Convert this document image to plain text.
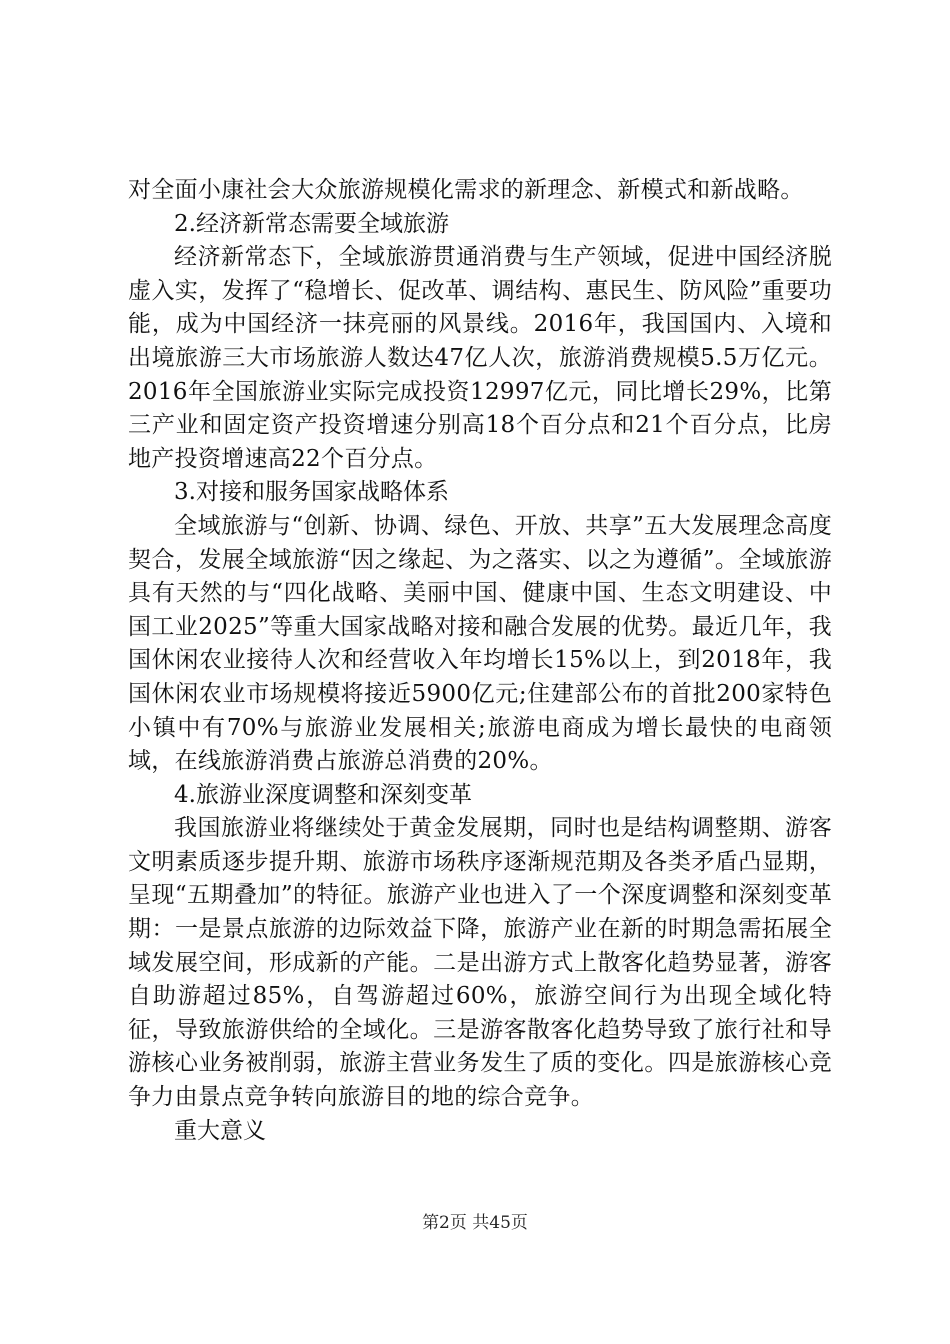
对全面小康社会大众旅游规模化需求的新理念、新模式和新战略。

2.经济新常态需要全域旅游

经济新常态下，全域旅游贯通消费与生产领域，促进中国经济脱虚入实，发挥了“稳增长、促改革、调结构、惠民生、防风险”重要功能，成为中国经济一抹亮丽的风景线。2016年，我国国内、入境和出境旅游三大市场旅游人数达47亿人次，旅游消费规模5.5万亿元。2016年全国旅游业实际完成投资12997亿元，同比增长29%，比第三产业和固定资产投资增速分别高18个百分点和21个百分点，比房地产投资增速高22个百分点。

3.对接和服务国家战略体系

全域旅游与“创新、协调、绿色、开放、共享”五大发展理念高度契合，发展全域旅游“因之缘起、为之落实、以之为遵循”。全域旅游具有天然的与“四化战略、美丽中国、健康中国、生态文明建设、中国工业2025”等重大国家战略对接和融合发展的优势。最近几年，我国休闲农业接待人次和经营收入年均增长15%以上，到2018年，我国休闲农业市场规模将接近5900亿元;住建部公布的首批200家特色小镇中有70%与旅游业发展相关;旅游电商成为增长最快的电商领域，在线旅游消费占旅游总消费的20%。

4.旅游业深度调整和深刻变革

我国旅游业将继续处于黄金发展期，同时也是结构调整期、游客文明素质逐步提升期、旅游市场秩序逐渐规范期及各类矛盾凸显期，呈现“五期叠加”的特征。旅游产业也进入了一个深度调整和深刻变革期：一是景点旅游的边际效益下降，旅游产业在新的时期急需拓展全域发展空间，形成新的产能。二是出游方式上散客化趋势显著，游客自助游超过85%，自驾游超过60%，旅游空间行为出现全域化特征，导致旅游供给的全域化。三是游客散客化趋势导致了旅行社和导游核心业务被削弱，旅游主营业务发生了质的变化。四是旅游核心竞争力由景点竞争转向旅游目的地的综合竞争。

重大意义

第2页 共45页
